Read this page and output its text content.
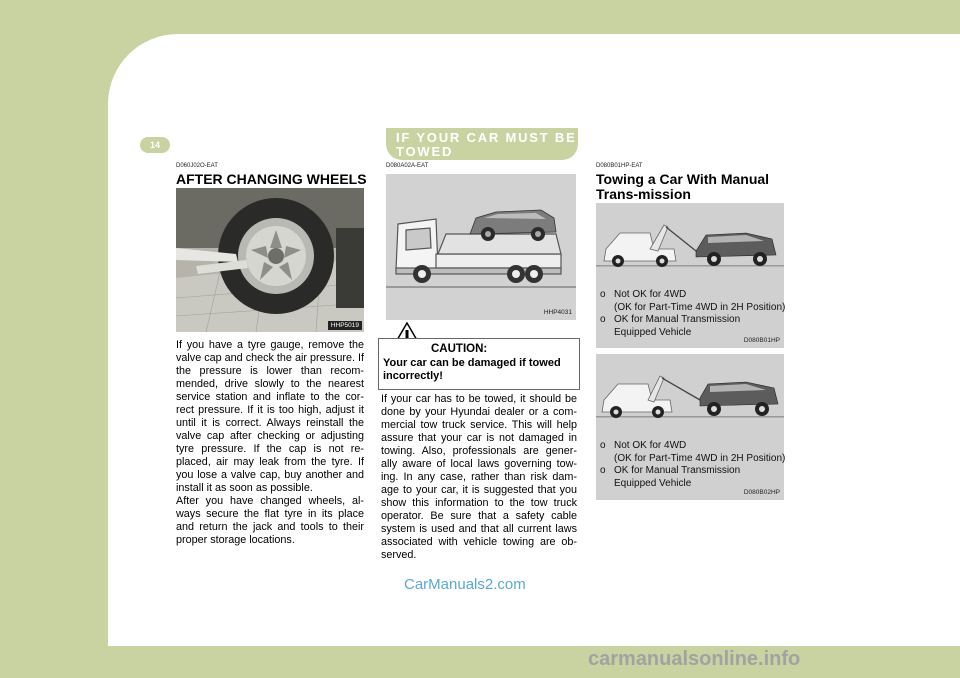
3 IN CASE OF EMERGENCY
14	IF YOUR CAR MUST BE TOWED
D060J02O-EAT
AFTER CHANGING WHEELS
HHP5019
If you have a tyre gauge, remove the valve cap and check the air pressure. If the pressure is lower than recom-mended, drive slowly to the nearest service station and inflate to the cor-rect pressure. If it is too high, adjust it until it is correct. Always reinstall the valve cap after checking or adjusting tyre pressure. If the cap is not re-placed, air may leak from the tyre. If you lose a valve cap, buy another and install it as soon as possible.
After you have changed wheels, al-ways secure the flat tyre in its place and return the jack and tools to their proper storage locations.
D080A02A-EAT
HHP4031
CAUTION:
Your car can be damaged if towed incorrectly!
If your car has to be towed, it should be done by your Hyundai dealer or a com-mercial tow truck service. This will help assure that your car is not damaged in towing. Also, professionals are gener-ally aware of local laws governing tow-ing. In any case, rather than risk dam-age to your car, it is suggested that you show this information to the tow truck operator. Be sure that a safety cable system is used and that all current laws associated with vehicle towing are ob-served.
D080B01HP-EAT
Towing a Car With Manual Trans-mission
o Not OK for 4WD
(OK for Part-Time 4WD in 2H Position)
o OK for Manual Transmission
Equipped Vehicle
D080B01HP
o Not OK for 4WD
(OK for Part-Time 4WD in 2H Position)
o OK for Manual Transmission
Equipped Vehicle
D080B02HP
CarManuals2.com
carmanualsonline.info
